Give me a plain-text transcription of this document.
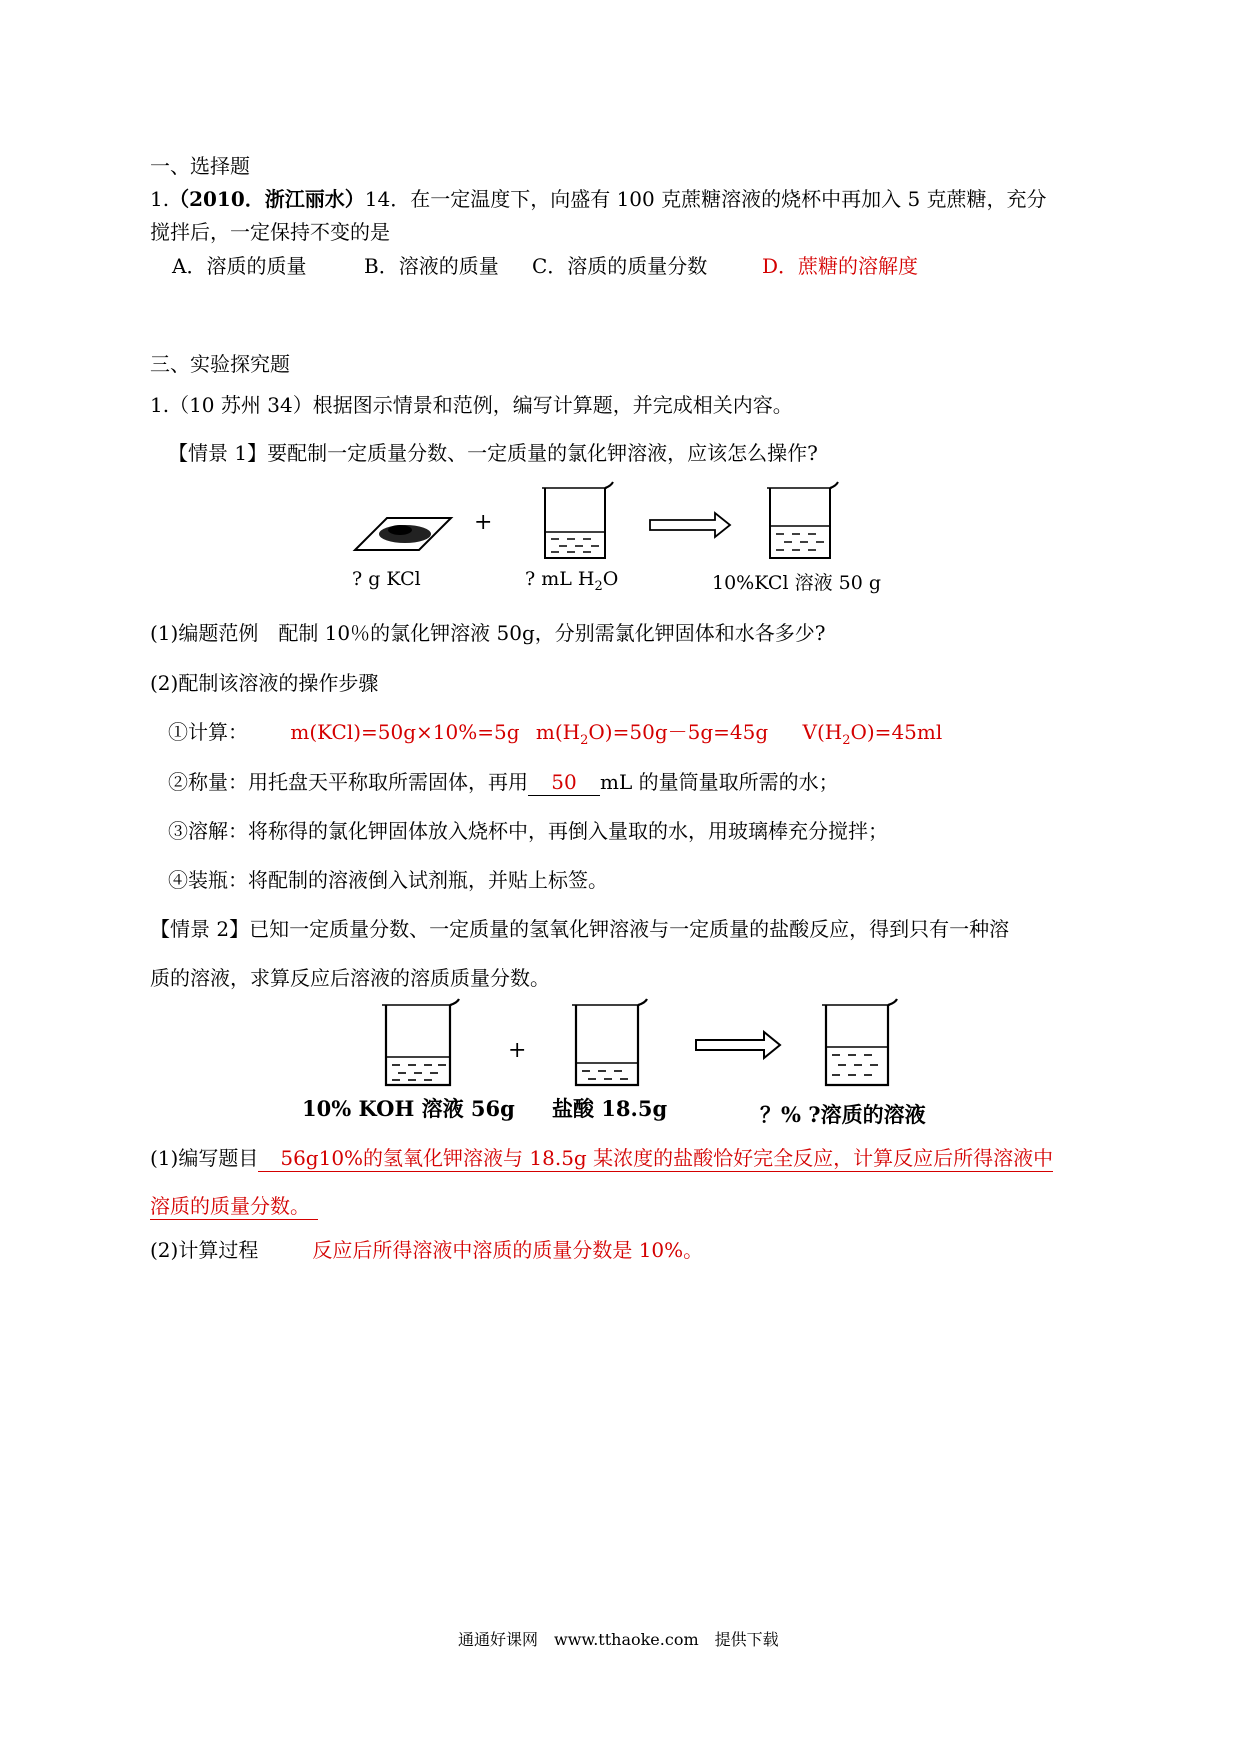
一、选择题
1.（2010．浙江丽水）14．在一定温度下，向盛有 100 克蔗糖溶液的烧杯中再加入 5 克蔗糖，充分
搅拌后，一定保持不变的是
A．溶质的质量	B．溶液的质量 C．溶质的质量分数	D．蔗糖的溶解度
三、实验探究题
1.（10 苏州 34）根据图示情景和范例，编写计算题，并完成相关内容。
【情景 1】要配制一定质量分数、一定质量的氯化钾溶液，应该怎么操作?
+
? g KCl	? mL $H_2O$	10%KCl 溶液 50 g
(1)编题范例　配制 10％的氯化钾溶液 50g，分别需氯化钾固体和水各多少?
(2)配制该溶液的操作步骤
①计算： m(KCl)=50g×10%=5g $m(H_2O)=50g-5g=45g$ $V(H_2O)=45ml$
②称量：用托盘天平称取所需固体，再用 50 mL 的量筒量取所需的水；
③溶解：将称得的氯化钾固体放入烧杯中，再倒入量取的水，用玻璃棒充分搅拌；
④装瓶：将配制的溶液倒入试剂瓶，并贴上标签。
【情景 2】已知一定质量分数、一定质量的氢氧化钾溶液与一定质量的盐酸反应，得到只有一种溶
质的溶液，求算反应后溶液的溶质质量分数。
+
10% KOH 溶液 56g 盐酸 18.5g	？% ?溶质的溶液
(1)编写题目 56g10%的氢氧化钾溶液与 18.5g 某浓度的盐酸恰好完全反应，计算反应后所得溶液中
溶质的质量分数。
(2)计算过程	反应后所得溶液中溶质的质量分数是 10%。
通通好课网　www.tthaoke.com　提供下载
